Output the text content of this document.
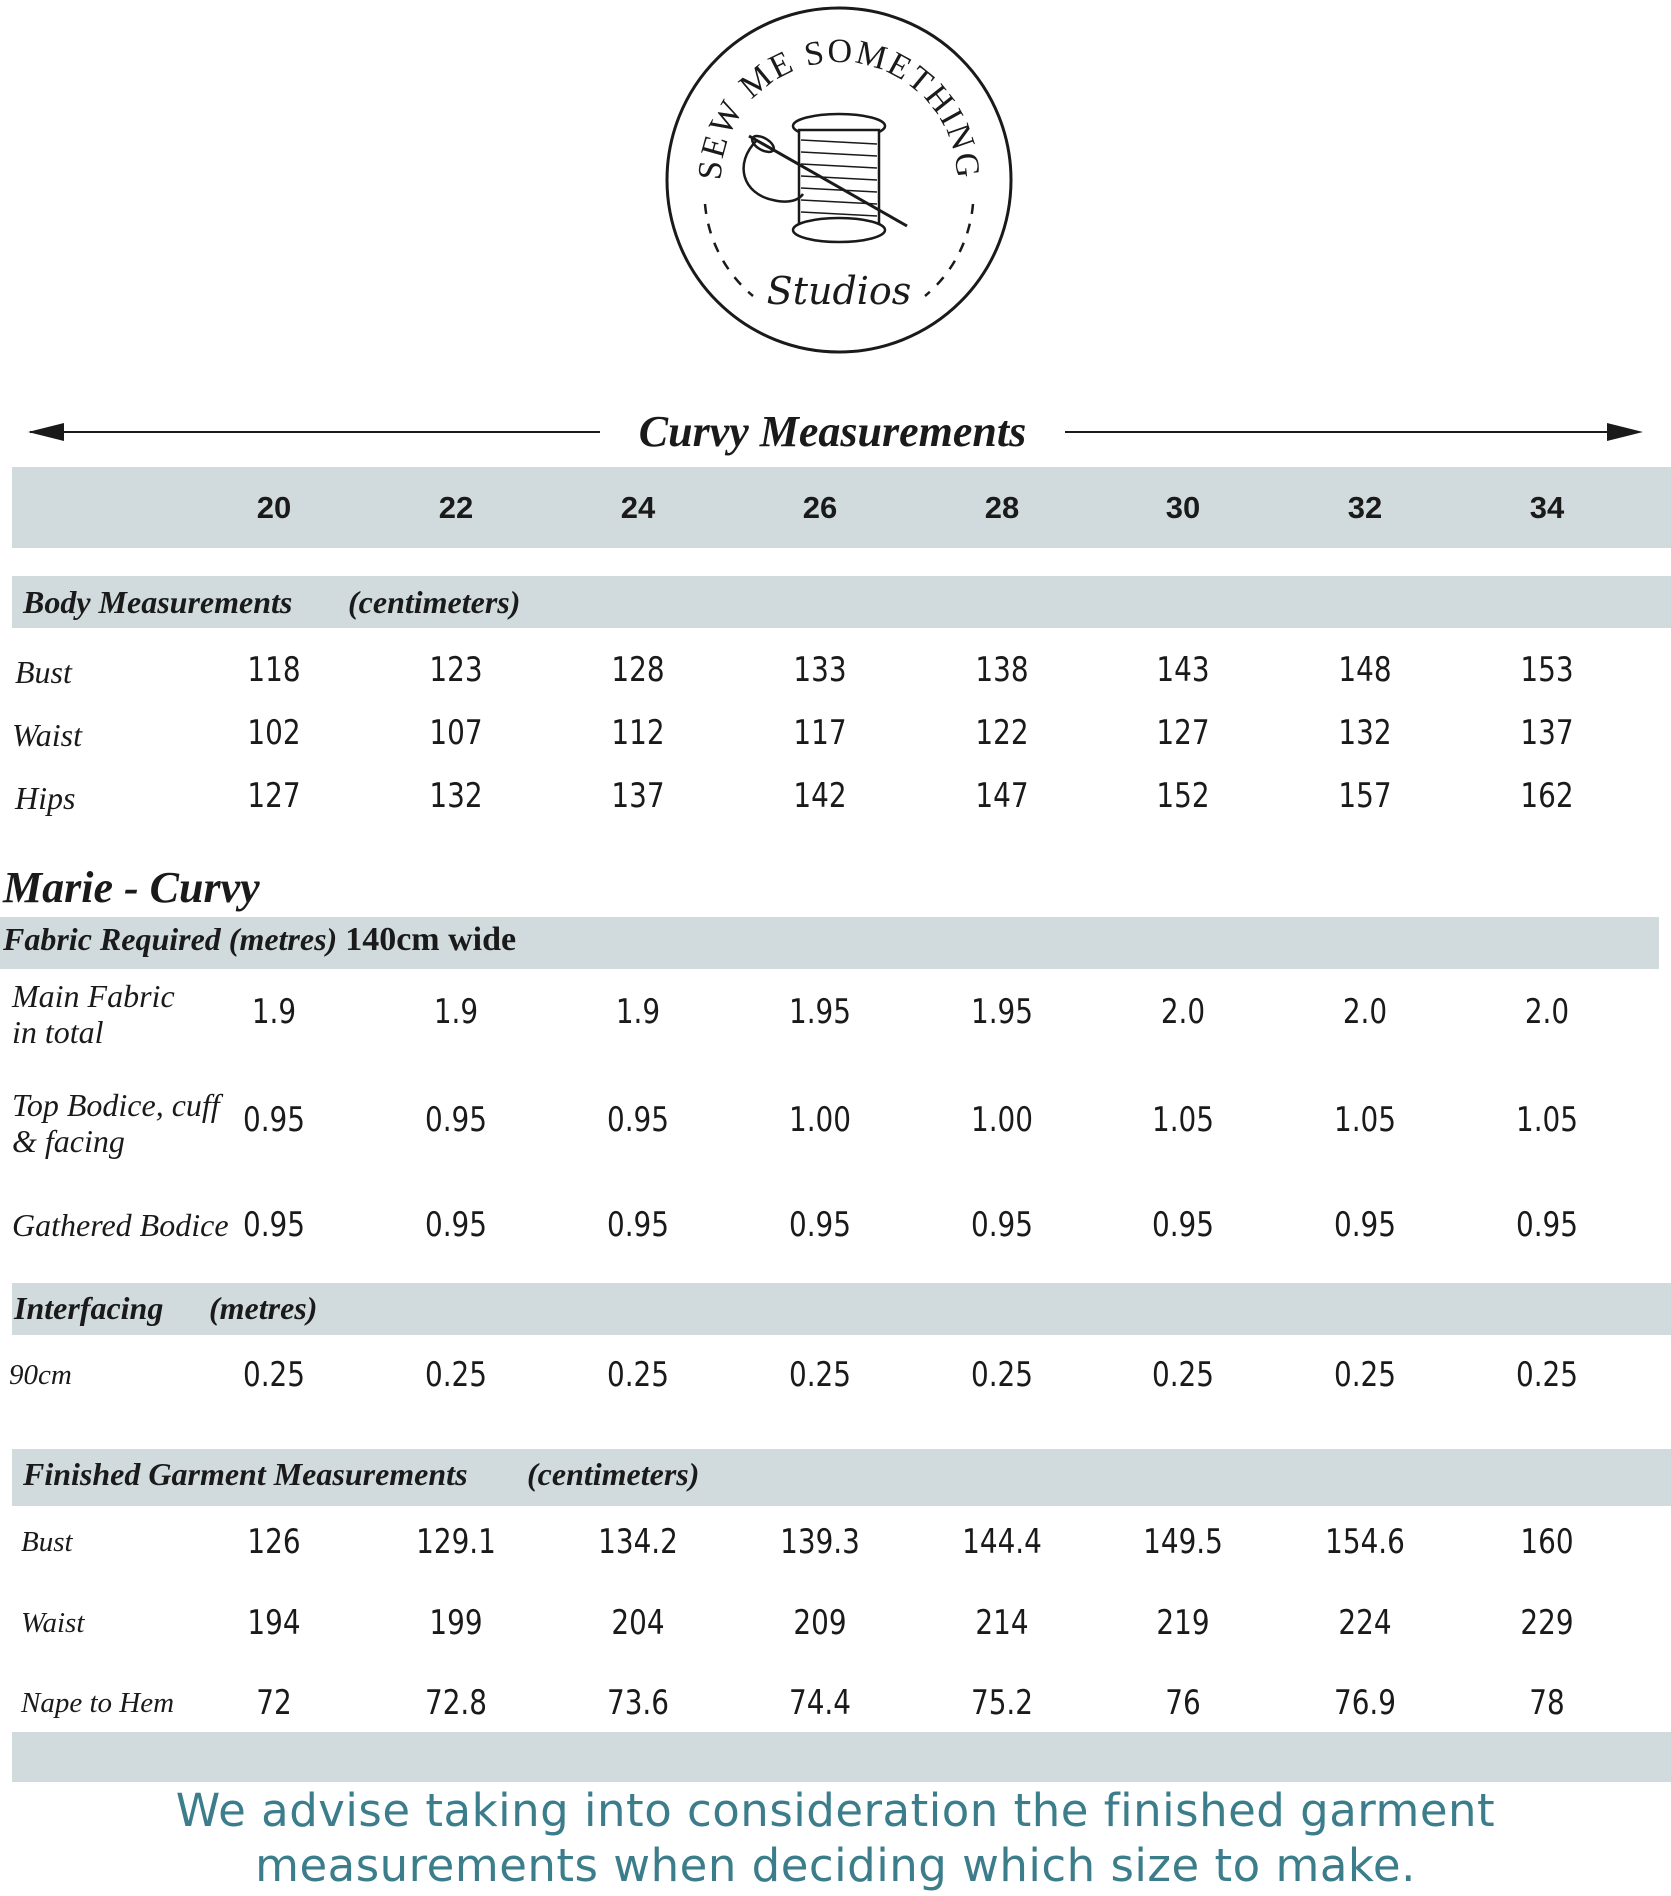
SEW ME SOMETHING
Studios
Curvy Measurements
20	22	24	26	28	30	32	34
Body Measurements (centimeters)
Bust	118	123	128	133	138	143	148	153
Waist	102	107	112	117	122	127	132	137
Hips	127	132	137	142	147	152	157	162
Marie - Curvy
Fabric Required (metres) 140cm wide
Main Fabric
in total	1.9	1.9	1.9	1.95	1.95	2.0	2.0	2.0
Top Bodice, cuff
& facing
0.95	0.95	0.95	1.00	1.00	1.05	1.05	1.05
Gathered Bodice 0.95	0.95	0.95	0.95	0.95	0.95	0.95	0.95
Interfacing (metres)
90cm	0.25	0.25	0.25	0.25	0.25	0.25	0.25	0.25
Finished Garment Measurements (centimeters)
Bust	126	129.1	134.2	139.3	144.4	149.5	154.6	160
Waist	194	199	204	209	214	219	224	229
Nape to Hem	72	72.8	73.6	74.4	75.2	76	76.9	78
We advise taking into consideration the finished garment
measurements when deciding which size to make.
